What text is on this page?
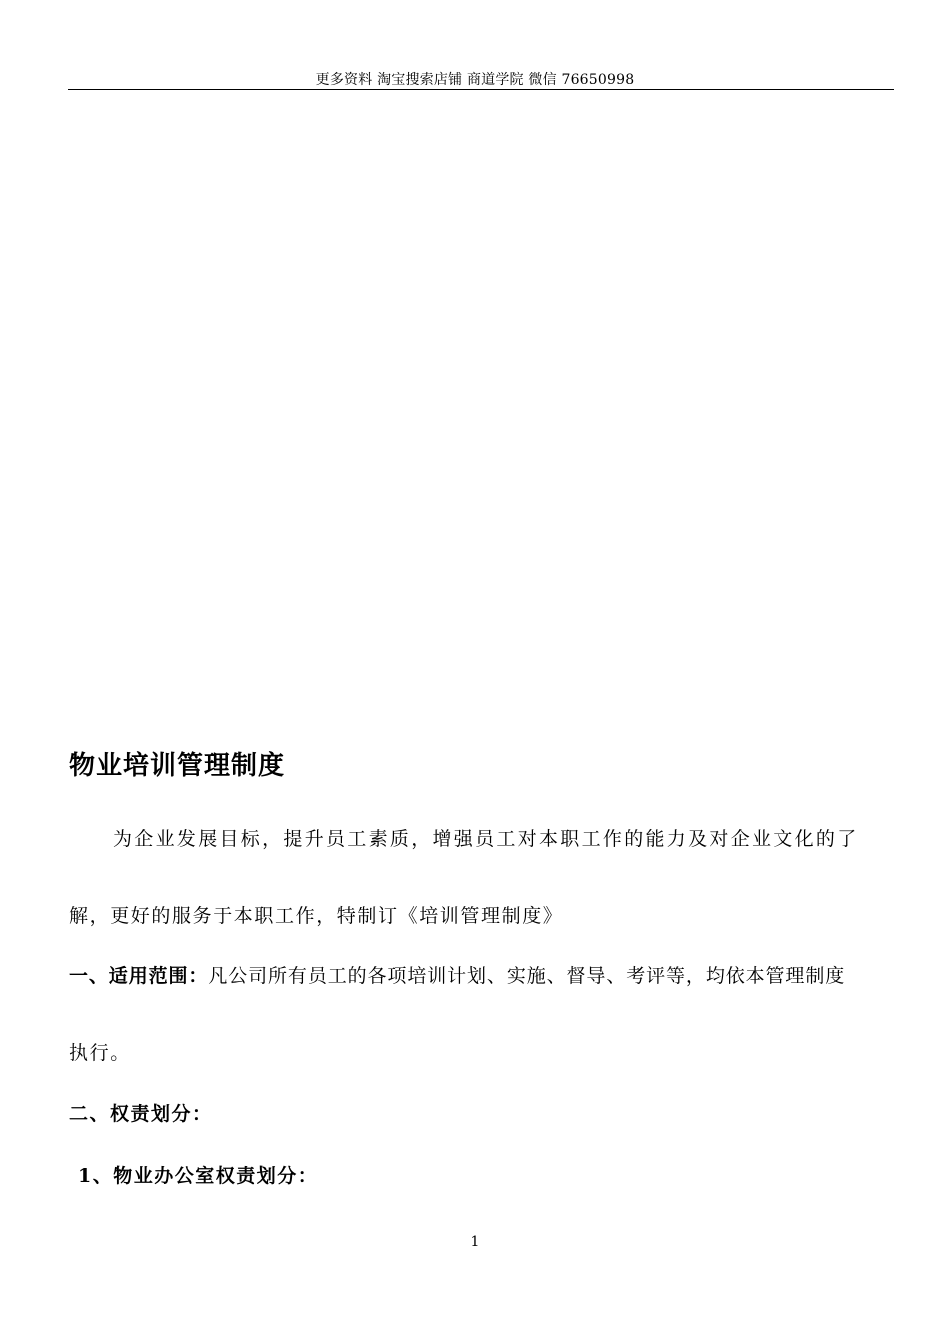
更多资料 淘宝搜索店铺 商道学院 微信 76650998
物业培训管理制度
为企业发展目标，提升员工素质，增强员工对本职工作的能力及对企业文化的了
解，更好的服务于本职工作，特制订《培训管理制度》
一、适用范围：凡公司所有员工的各项培训计划、实施、督导、考评等，均依本管理制度
执行。
二、权责划分：
1、物业办公室权责划分：
1
